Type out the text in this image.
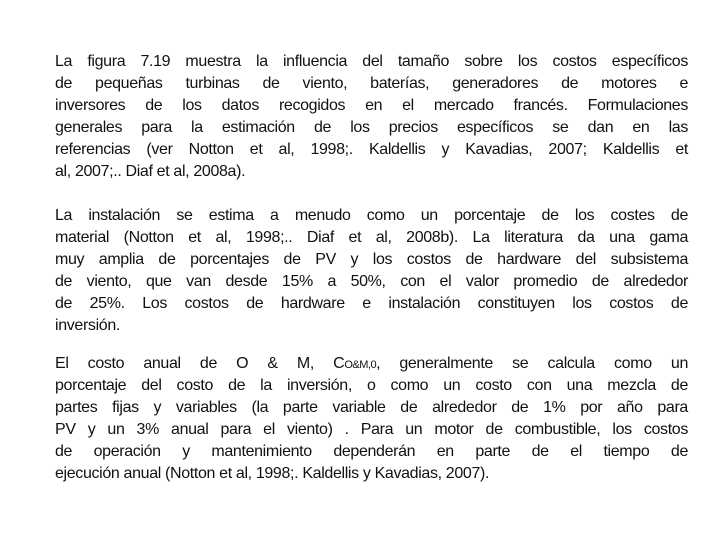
La figura 7.19 muestra la influencia del tamaño sobre los costos específicos
de pequeñas turbinas de viento, baterías, generadores de motores e
inversores de los datos recogidos en el mercado francés. Formulaciones
generales para la estimación de los precios específicos se dan en las
referencias (ver Notton et al, 1998;. Kaldellis y Kavadias, 2007; Kaldellis et
al, 2007;.. Diaf et al, 2008a).
La instalación se estima a menudo como un porcentaje de los costes de
material (Notton et al, 1998;.. Diaf et al, 2008b). La literatura da una gama
muy amplia de porcentajes de PV y los costos de hardware del subsistema
de viento, que van desde 15% a 50%, con el valor promedio de alrededor
de 25%. Los costos de hardware e instalación constituyen los costos de
inversión.
El costo anual de O & M, CO&M,0, generalmente se calcula como un
porcentaje del costo de la inversión, o como un costo con una mezcla de
partes fijas y variables (la parte variable de alrededor de 1% por año para
PV y un 3% anual para el viento) . Para un motor de combustible, los costos
de operación y mantenimiento dependerán en parte de el tiempo de
ejecución anual (Notton et al, 1998;. Kaldellis y Kavadias, 2007).
